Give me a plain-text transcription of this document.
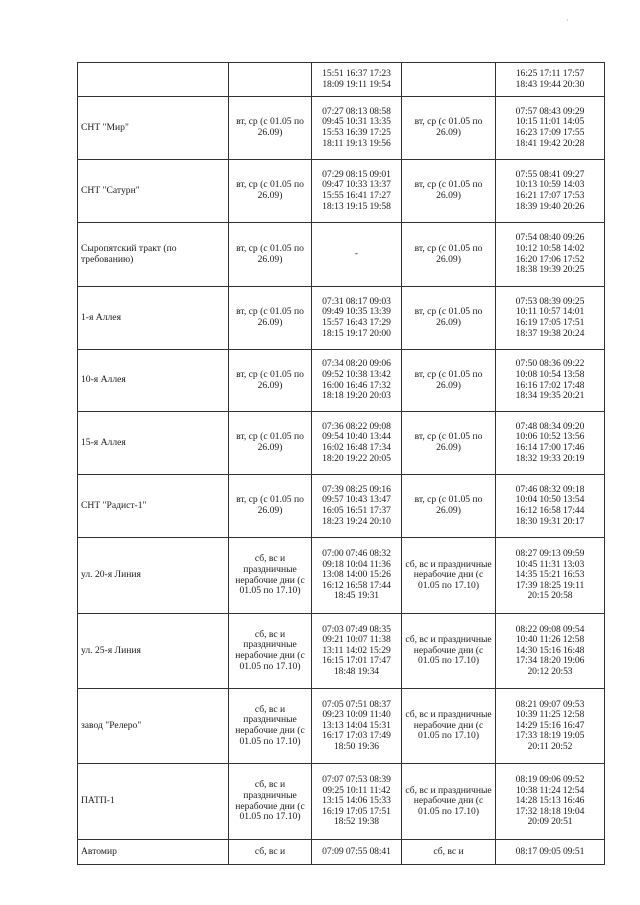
·

		15:51 16:37 17:23
18:09 19:11 19:54		16:25 17:11 17:57
18:43 19:44 20:30

СНТ "Мир"	вт, ср (с 01.05 по 26.09)	07:27 08:13 08:58
09:45 10:31 13:35
15:53 16:39 17:25
18:11 19:13 19:56	вт, ср (с 01.05 по 26.09)	07:57 08:43 09:29
10:15 11:01 14:05
16:23 17:09 17:55
18:41 19:42 20:28

СНТ "Сатурн"	вт, ср (с 01.05 по 26.09)	07:29 08:15 09:01
09:47 10:33 13:37
15:55 16:41 17:27
18:13 19:15 19:58	вт, ср (с 01.05 по 26.09)	07:55 08:41 09:27
10:13 10:59 14:03
16:21 17:07 17:53
18:39 19:40 20:26

Сыропятский тракт (по требованию)	вт, ср (с 01.05 по 26.09)	-	вт, ср (с 01.05 по 26.09)	07:54 08:40 09:26
10:12 10:58 14:02
16:20 17:06 17:52
18:38 19:39 20:25

1-я Аллея	вт, ср (с 01.05 по 26.09)	07:31 08:17 09:03
09:49 10:35 13:39
15:57 16:43 17:29
18:15 19:17 20:00	вт, ср (с 01.05 по 26.09)	07:53 08:39 09:25
10:11 10:57 14:01
16:19 17:05 17:51
18:37 19:38 20:24

10-я Аллея	вт, ср (с 01.05 по 26.09)	07:34 08:20 09:06
09:52 10:38 13:42
16:00 16:46 17:32
18:18 19:20 20:03	вт, ср (с 01.05 по 26.09)	07:50 08:36 09:22
10:08 10:54 13:58
16:16 17:02 17:48
18:34 19:35 20:21

15-я Аллея	вт, ср (с 01.05 по 26.09)	07:36 08:22 09:08
09:54 10:40 13:44
16:02 16:48 17:34
18:20 19:22 20:05	вт, ср (с 01.05 по 26.09)	07:48 08:34 09:20
10:06 10:52 13:56
16:14 17:00 17:46
18:32 19:33 20:19

СНТ "Радист-1"	вт, ср (с 01.05 по 26.09)	07:39 08:25 09:16
09:57 10:43 13:47
16:05 16:51 17:37
18:23 19:24 20:10	вт, ср (с 01.05 по 26.09)	07:46 08:32 09:18
10:04 10:50 13:54
16:12 16:58 17:44
18:30 19:31 20:17

ул. 20-я Линия	сб, вс и праздничные нерабочие дни (с 01.05 по 17.10)	07:00 07:46 08:32
09:18 10:04 11:36
13:08 14:00 15:26
16:12 16:58 17:44
18:45 19:31	сб, вс и праздничные нерабочие дни (с 01.05 по 17.10)	08:27 09:13 09:59
10:45 11:31 13:03
14:35 15:21 16:53
17:39 18:25 19:11
20:15 20:58

ул. 25-я Линия	сб, вс и праздничные нерабочие дни (с 01.05 по 17.10)	07:03 07:49 08:35
09:21 10:07 11:38
13:11 14:02 15:29
16:15 17:01 17:47
18:48 19:34	сб, вс и праздничные нерабочие дни (с 01.05 по 17.10)	08:22 09:08 09:54
10:40 11:26 12:58
14:30 15:16 16:48
17:34 18:20 19:06
20:12 20:53

завод "Релеро"	сб, вс и праздничные нерабочие дни (с 01.05 по 17.10)	07:05 07:51 08:37
09:23 10:09 11:40
13:13 14:04 15:31
16:17 17:03 17:49
18:50 19:36	сб, вс и праздничные нерабочие дни (с 01.05 по 17.10)	08:21 09:07 09:53
10:39 11:25 12:58
14:29 15:16 16:47
17:33 18:19 19:05
20:11 20:52

ПАТП-1	сб, вс и праздничные нерабочие дни (с 01.05 по 17.10)	07:07 07:53 08:39
09:25 10:11 11:42
13:15 14:06 15:33
16:19 17:05 17:51
18:52 19:38	сб, вс и праздничные нерабочие дни (с 01.05 по 17.10)	08:19 09:06 09:52
10:38 11:24 12:54
14:28 15:13 16:46
17:32 18:18 19:04
20:09 20:51

Автомир	сб, вс и	07:09 07:55 08:41	сб, вс и	08:17 09:05 09:51
